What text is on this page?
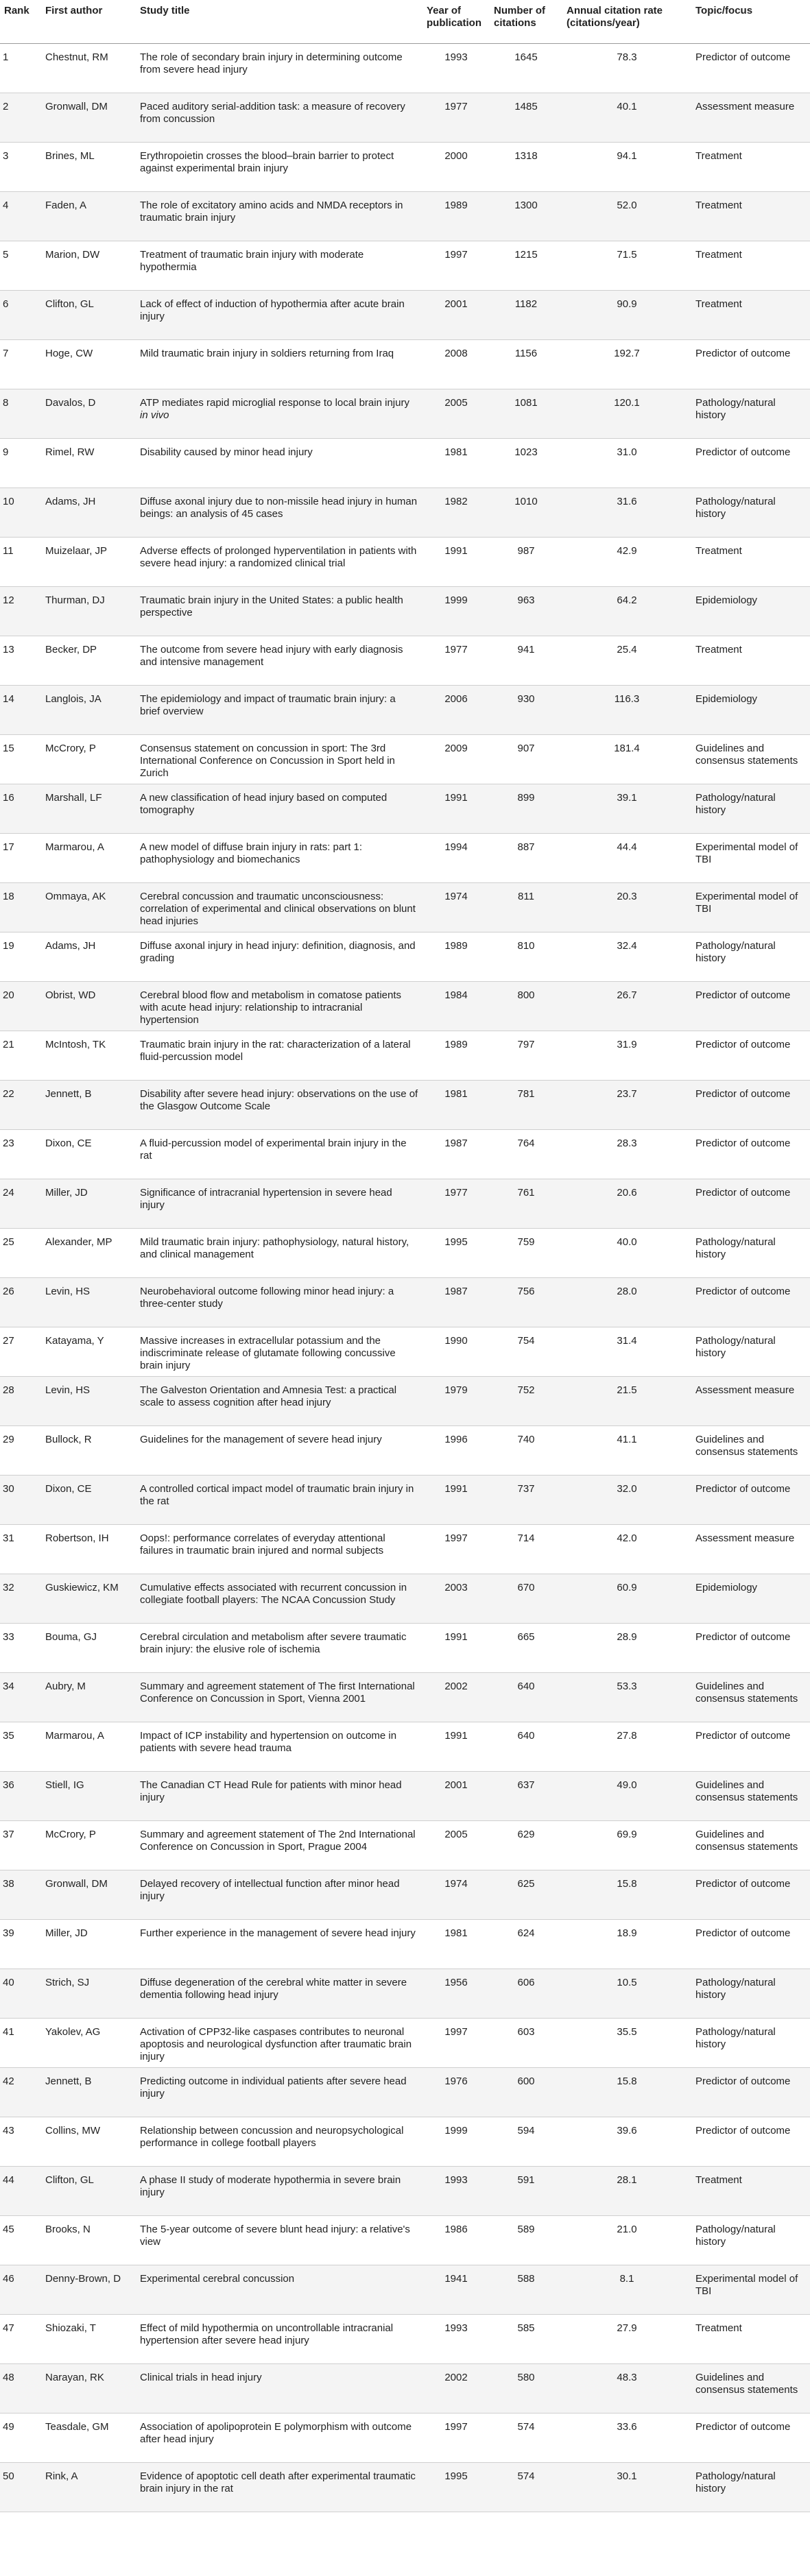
Rank	First author	Study title	Year of publication	Number of citations	Annual citation rate (citations/year)	Topic/focus
1	Chestnut, RM	The role of secondary brain injury in determining outcome from severe head injury	1993	1645	78.3	Predictor of outcome
2	Gronwall, DM	Paced auditory serial-addition task: a measure of recovery from concussion	1977	1485	40.1	Assessment measure
3	Brines, ML	Erythropoietin crosses the blood–brain barrier to protect against experimental brain injury	2000	1318	94.1	Treatment
4	Faden, A	The role of excitatory amino acids and NMDA receptors in traumatic brain injury	1989	1300	52.0	Treatment
5	Marion, DW	Treatment of traumatic brain injury with moderate hypothermia	1997	1215	71.5	Treatment
6	Clifton, GL	Lack of effect of induction of hypothermia after acute brain injury	2001	1182	90.9	Treatment
7	Hoge, CW	Mild traumatic brain injury in soldiers returning from Iraq	2008	1156	192.7	Predictor of outcome
8	Davalos, D	ATP mediates rapid microglial response to local brain injury in vivo	2005	1081	120.1	Pathology/natural history
9	Rimel, RW	Disability caused by minor head injury	1981	1023	31.0	Predictor of outcome
10	Adams, JH	Diffuse axonal injury due to non-missile head injury in human beings: an analysis of 45 cases	1982	1010	31.6	Pathology/natural history
11	Muizelaar, JP	Adverse effects of prolonged hyperventilation in patients with severe head injury: a randomized clinical trial	1991	987	42.9	Treatment
12	Thurman, DJ	Traumatic brain injury in the United States: a public health perspective	1999	963	64.2	Epidemiology
13	Becker, DP	The outcome from severe head injury with early diagnosis and intensive management	1977	941	25.4	Treatment
14	Langlois, JA	The epidemiology and impact of traumatic brain injury: a brief overview	2006	930	116.3	Epidemiology
15	McCrory, P	Consensus statement on concussion in sport: The 3rd International Conference on Concussion in Sport held in Zurich	2009	907	181.4	Guidelines and consensus statements
16	Marshall, LF	A new classification of head injury based on computed tomography	1991	899	39.1	Pathology/natural history
17	Marmarou, A	A new model of diffuse brain injury in rats: part 1: pathophysiology and biomechanics	1994	887	44.4	Experimental model of TBI
18	Ommaya, AK	Cerebral concussion and traumatic unconsciousness: correlation of experimental and clinical observations on blunt head injuries	1974	811	20.3	Experimental model of TBI
19	Adams, JH	Diffuse axonal injury in head injury: definition, diagnosis, and grading	1989	810	32.4	Pathology/natural history
20	Obrist, WD	Cerebral blood flow and metabolism in comatose patients with acute head injury: relationship to intracranial hypertension	1984	800	26.7	Predictor of outcome
21	McIntosh, TK	Traumatic brain injury in the rat: characterization of a lateral fluid-percussion model	1989	797	31.9	Predictor of outcome
22	Jennett, B	Disability after severe head injury: observations on the use of the Glasgow Outcome Scale	1981	781	23.7	Predictor of outcome
23	Dixon, CE	A fluid-percussion model of experimental brain injury in the rat	1987	764	28.3	Predictor of outcome
24	Miller, JD	Significance of intracranial hypertension in severe head injury	1977	761	20.6	Predictor of outcome
25	Alexander, MP	Mild traumatic brain injury: pathophysiology, natural history, and clinical management	1995	759	40.0	Pathology/natural history
26	Levin, HS	Neurobehavioral outcome following minor head injury: a three-center study	1987	756	28.0	Predictor of outcome
27	Katayama, Y	Massive increases in extracellular potassium and the indiscriminate release of glutamate following concussive brain injury	1990	754	31.4	Pathology/natural history
28	Levin, HS	The Galveston Orientation and Amnesia Test: a practical scale to assess cognition after head injury	1979	752	21.5	Assessment measure
29	Bullock, R	Guidelines for the management of severe head injury	1996	740	41.1	Guidelines and consensus statements
30	Dixon, CE	A controlled cortical impact model of traumatic brain injury in the rat	1991	737	32.0	Predictor of outcome
31	Robertson, IH	Oops!: performance correlates of everyday attentional failures in traumatic brain injured and normal subjects	1997	714	42.0	Assessment measure
32	Guskiewicz, KM	Cumulative effects associated with recurrent concussion in collegiate football players: The NCAA Concussion Study	2003	670	60.9	Epidemiology
33	Bouma, GJ	Cerebral circulation and metabolism after severe traumatic brain injury: the elusive role of ischemia	1991	665	28.9	Predictor of outcome
34	Aubry, M	Summary and agreement statement of The first International Conference on Concussion in Sport, Vienna 2001	2002	640	53.3	Guidelines and consensus statements
35	Marmarou, A	Impact of ICP instability and hypertension on outcome in patients with severe head trauma	1991	640	27.8	Predictor of outcome
36	Stiell, IG	The Canadian CT Head Rule for patients with minor head injury	2001	637	49.0	Guidelines and consensus statements
37	McCrory, P	Summary and agreement statement of The 2nd International Conference on Concussion in Sport, Prague 2004	2005	629	69.9	Guidelines and consensus statements
38	Gronwall, DM	Delayed recovery of intellectual function after minor head injury	1974	625	15.8	Predictor of outcome
39	Miller, JD	Further experience in the management of severe head injury	1981	624	18.9	Predictor of outcome
40	Strich, SJ	Diffuse degeneration of the cerebral white matter in severe dementia following head injury	1956	606	10.5	Pathology/natural history
41	Yakolev, AG	Activation of CPP32-like caspases contributes to neuronal apoptosis and neurological dysfunction after traumatic brain injury	1997	603	35.5	Pathology/natural history
42	Jennett, B	Predicting outcome in individual patients after severe head injury	1976	600	15.8	Predictor of outcome
43	Collins, MW	Relationship between concussion and neuropsychological performance in college football players	1999	594	39.6	Predictor of outcome
44	Clifton, GL	A phase II study of moderate hypothermia in severe brain injury	1993	591	28.1	Treatment
45	Brooks, N	The 5-year outcome of severe blunt head injury: a relative's view	1986	589	21.0	Pathology/natural history
46	Denny-Brown, D	Experimental cerebral concussion	1941	588	8.1	Experimental model of TBI
47	Shiozaki, T	Effect of mild hypothermia on uncontrollable intracranial hypertension after severe head injury	1993	585	27.9	Treatment
48	Narayan, RK	Clinical trials in head injury	2002	580	48.3	Guidelines and consensus statements
49	Teasdale, GM	Association of apolipoprotein E polymorphism with outcome after head injury	1997	574	33.6	Predictor of outcome
50	Rink, A	Evidence of apoptotic cell death after experimental traumatic brain injury in the rat	1995	574	30.1	Pathology/natural history
